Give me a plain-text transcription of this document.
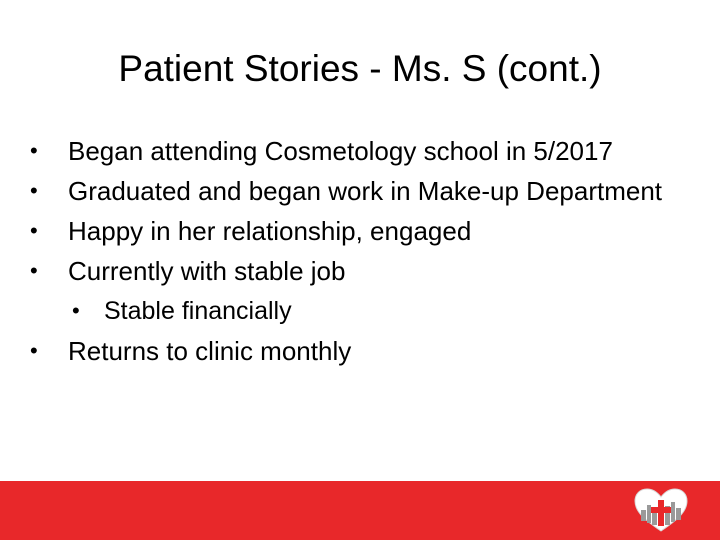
Patient Stories - Ms. S (cont.)
•	Began attending Cosmetology school in 5/2017
•	Graduated and began work in Make-up Department
•	Happy in her relationship, engaged
•	Currently with stable job
• Stable financially
•	Returns to clinic monthly
